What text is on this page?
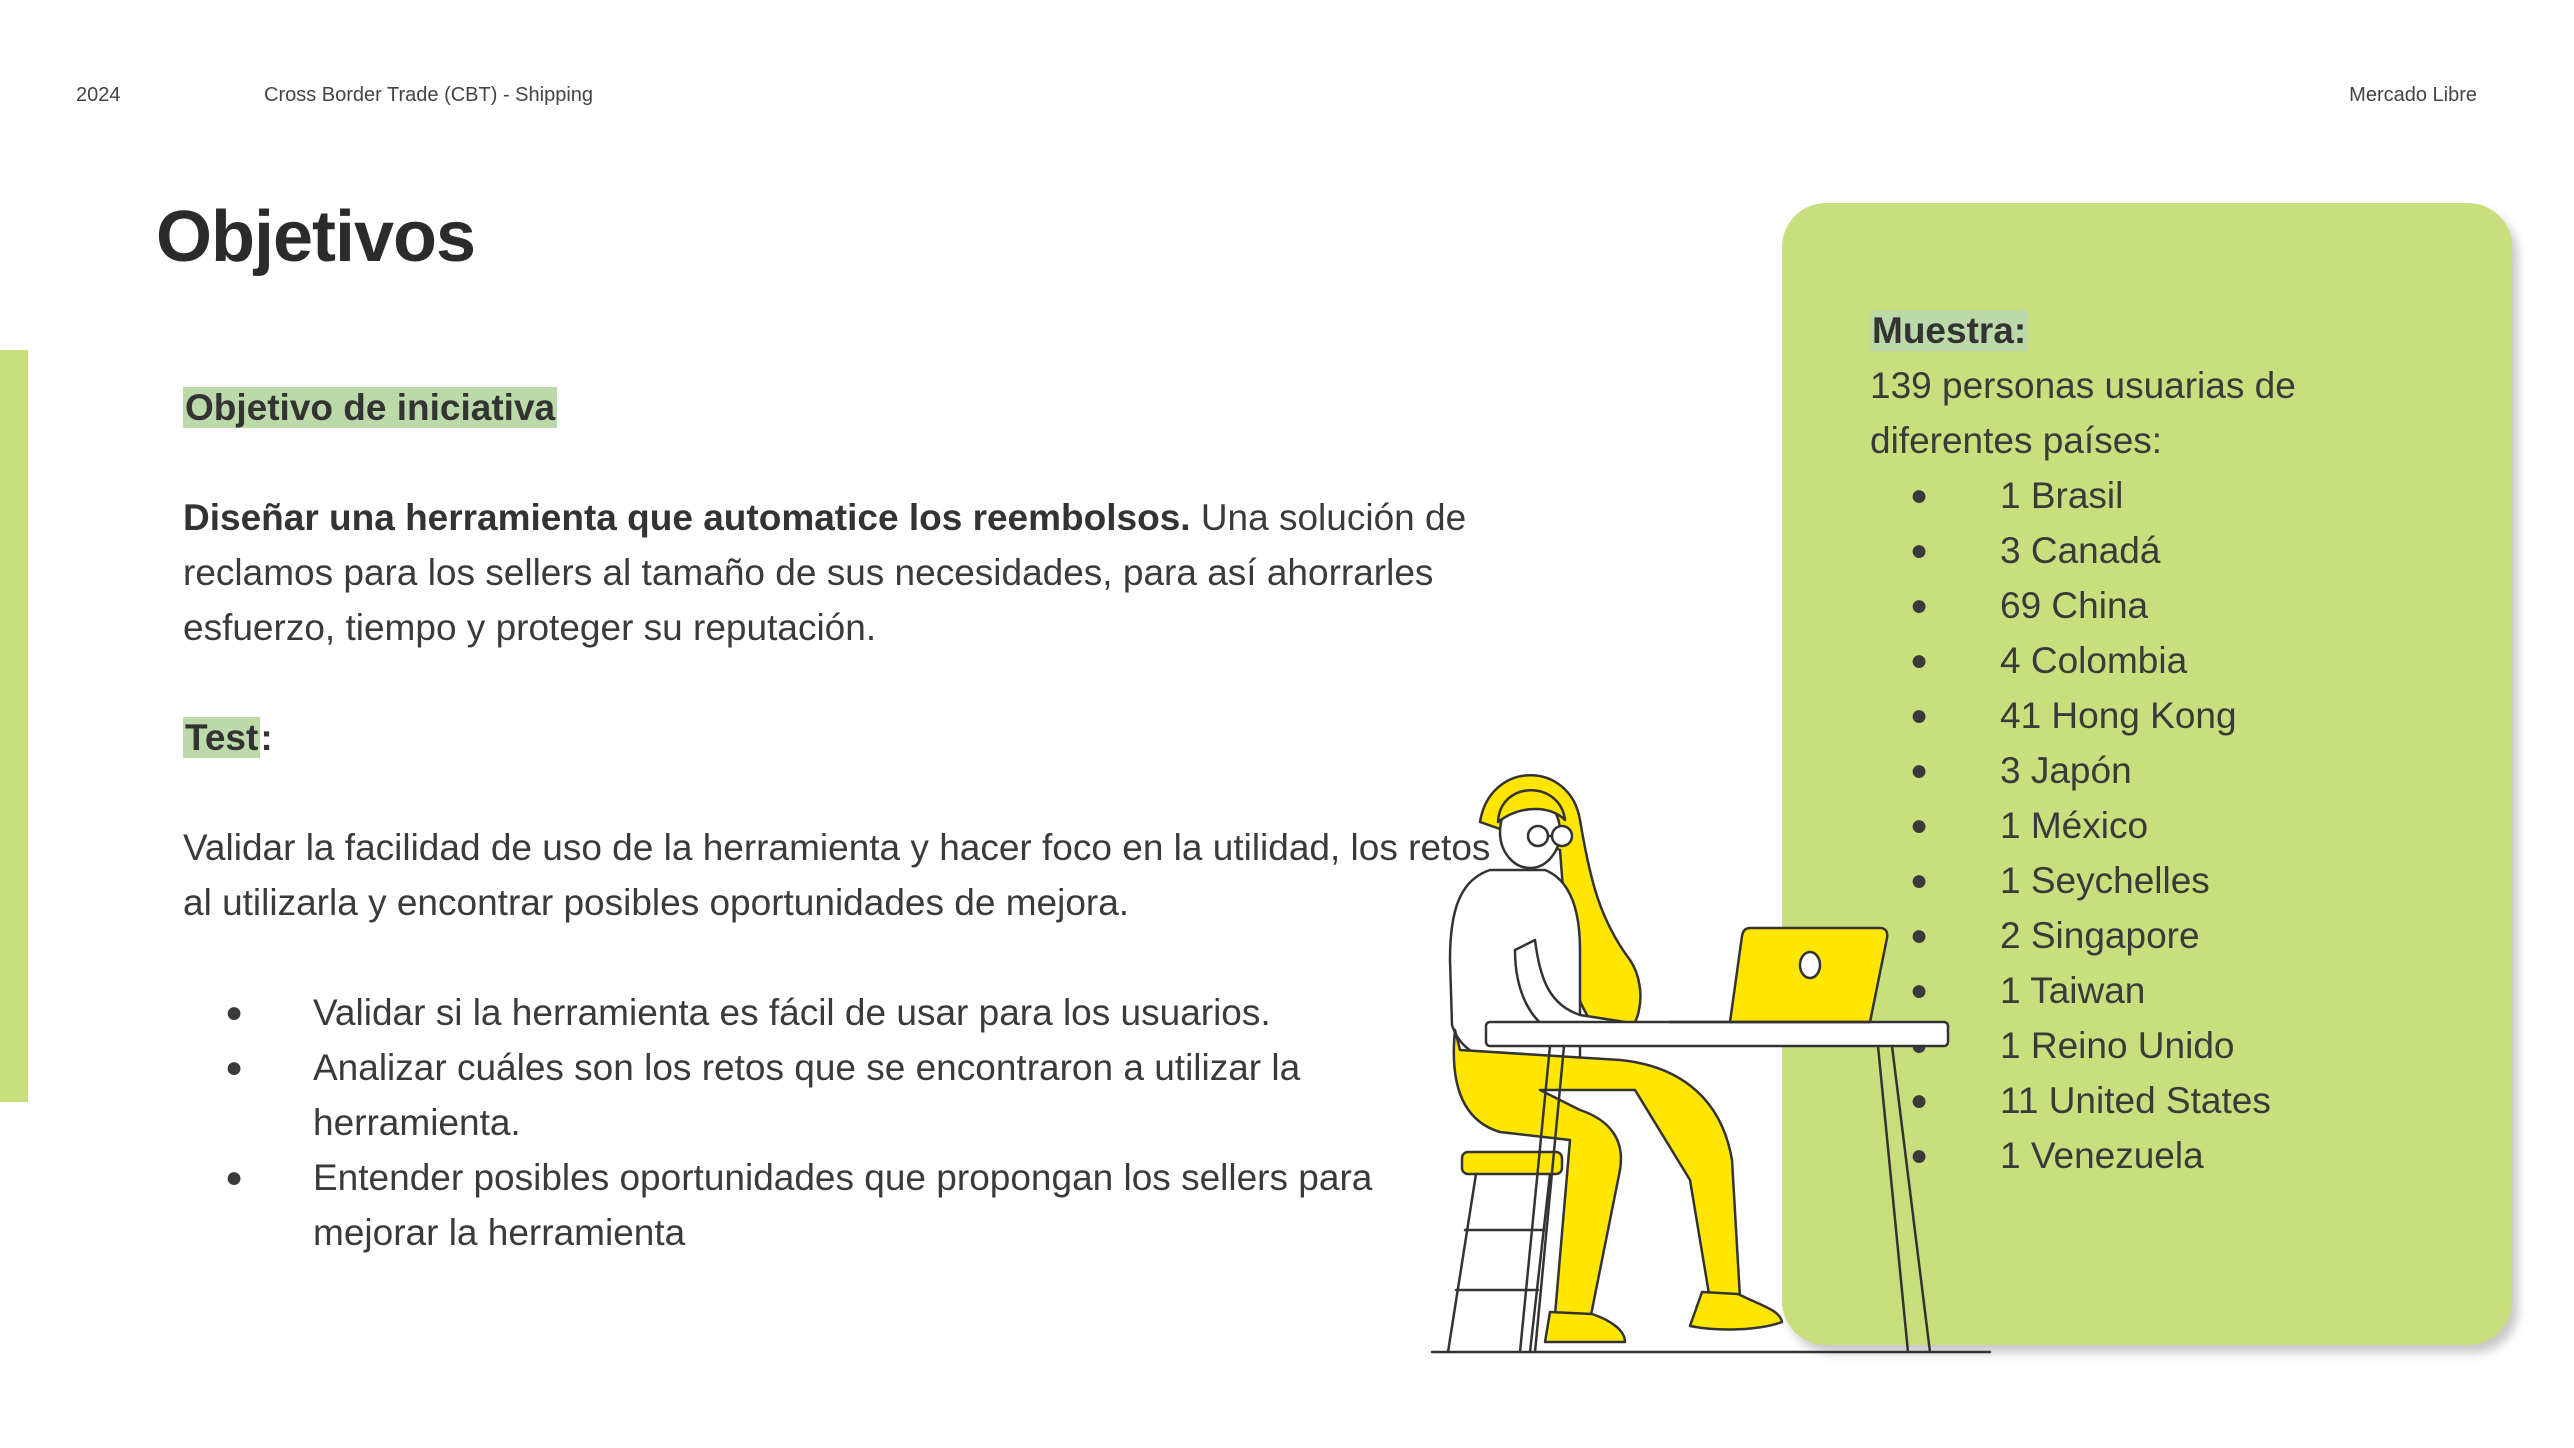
2024	Cross Border Trade (CBT) - Shipping	Mercado Libre
Objetivos

Objetivo de iniciativa

Diseñar una herramienta que automatice los reembolsos. Una solución de reclamos para los sellers al tamaño de sus necesidades, para así ahorrarles esfuerzo, tiempo y proteger su reputación.

Test:

Validar la facilidad de uso de la herramienta y hacer foco en la utilidad, los retos al utilizarla y encontrar posibles oportunidades de mejora.

● Validar si la herramienta es fácil de usar para los usuarios.
● Analizar cuáles son los retos que se encontraron a utilizar la herramienta.
● Entender posibles oportunidades que propongan los sellers para mejorar la herramienta
Muestra:
139 personas usuarias de diferentes países:
● 1 Brasil
● 3 Canadá
● 69 China
● 4 Colombia
● 41 Hong Kong
● 3 Japón
● 1 México
● 1 Seychelles
● 2 Singapore
● 1 Taiwan
● 1 Reino Unido
● 11 United States
● 1 Venezuela
